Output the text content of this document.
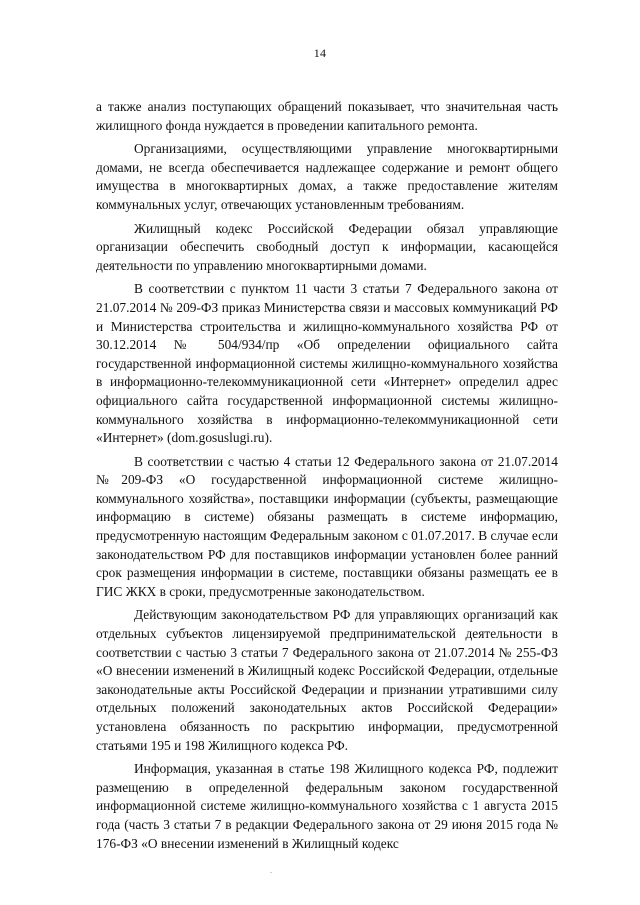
14

а также анализ поступающих обращений показывает, что значительная часть жилищного фонда нуждается в проведении капитального ремонта.

Организациями, осуществляющими управление многоквартирными домами, не всегда обеспечивается надлежащее содержание и ремонт общего имущества в многоквартирных домах, а также предоставление жителям коммунальных услуг, отвечающих установленным требованиям.

Жилищный кодекс Российской Федерации обязал управляющие организации обеспечить свободный доступ к информации, касающейся деятельности по управлению многоквартирными домами.

В соответствии с пунктом 11 части 3 статьи 7 Федерального закона от 21.07.2014 № 209-ФЗ приказ Министерства связи и массовых коммуникаций РФ и Министерства строительства и жилищно-коммунального хозяйства РФ от 30.12.2014 № 504/934/пр «Об определении официального сайта государственной информационной системы жилищно-коммунального хозяйства в информационно-телекоммуникационной сети «Интернет» определил адрес официального сайта государственной информационной системы жилищно-коммунального хозяйства в информационно-телекоммуникационной сети «Интернет» (dom.gosuslugi.ru).

В соответствии с частью 4 статьи 12 Федерального закона от 21.07.2014 №209-ФЗ «О государственной информационной системе жилищно-коммунального хозяйства», поставщики информации (субъекты, размещающие информацию в системе) обязаны размещать в системе информацию, предусмотренную настоящим Федеральным законом с 01.07.2017. В случае если законодательством РФ для поставщиков информации установлен более ранний срок размещения информации в системе, поставщики обязаны размещать ее в ГИС ЖКХ в сроки, предусмотренные законодательством.

Действующим законодательством РФ для управляющих организаций как отдельных субъектов лицензируемой предпринимательской деятельности в соответствии с частью 3 статьи 7 Федерального закона от 21.07.2014 № 255-ФЗ «О внесении изменений в Жилищный кодекс Российской Федерации, отдельные законодательные акты Российской Федерации и признании утратившими силу отдельных положений законодательных актов Российской Федерации» установлена обязанность по раскрытию информации, предусмотренной статьями 195 и 198 Жилищного кодекса РФ.

Информация, указанная в статье 198 Жилищного кодекса РФ, подлежит размещению в определенной федеральным законом государственной информационной системе жилищно-коммунального хозяйства с 1 августа 2015 года (часть 3 статьи 7 в редакции Федерального закона от 29 июня 2015 года № 176-ФЗ «О внесении изменений в Жилищный кодекс
